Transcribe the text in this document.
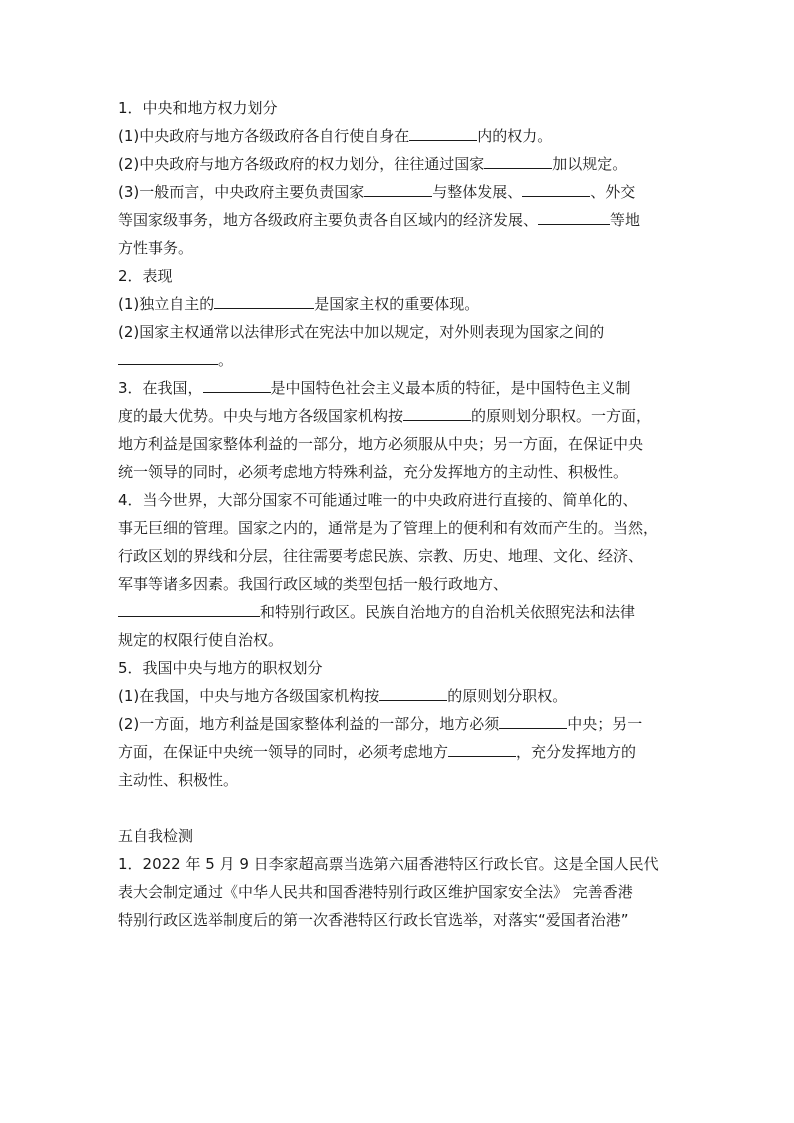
1．中央和地方权力划分
(1)中央政府与地方各级政府各自行使自身在	内的权力。
(2)中央政府与地方各级政府的权力划分，往往通过国家	加以规定。
(3)一般而言，中央政府主要负责国家	与整体发展、	、外交
等国家级事务，地方各级政府主要负责各自区域内的经济发展、	等地
方性事务。
2．表现
(1)独立自主的	是国家主权的重要体现。
(2)国家主权通常以法律形式在宪法中加以规定，对外则表现为国家之间的
。
3．在我国，	是中国特色社会主义最本质的特征，是中国特色主义制
度的最大优势。中央与地方各级国家机构按	的原则划分职权。一方面，
地方利益是国家整体利益的一部分，地方必须服从中央；另一方面，在保证中央
统一领导的同时，必须考虑地方特殊利益，充分发挥地方的主动性、积极性。
4．当今世界，大部分国家不可能通过唯一的中央政府进行直接的、简单化的、
事无巨细的管理。国家之内的，通常是为了管理上的便利和有效而产生的。当然，
行政区划的界线和分层，往往需要考虑民族、宗教、历史、地理、文化、经济、
军事等诸多因素。我国行政区域的类型包括一般行政地方、
和特别行政区。民族自治地方的自治机关依照宪法和法律
规定的权限行使自治权。
5．我国中央与地方的职权划分
(1)在我国，中央与地方各级国家机构按	的原则划分职权。
(2)一方面，地方利益是国家整体利益的一部分，地方必须	中央；另一
方面，在保证中央统一领导的同时，必须考虑地方	，充分发挥地方的
主动性、积极性。
五自我检测
1．2022 年 5 月 9 日李家超高票当选第六届香港特区行政长官。这是全国人民代
表大会制定通过《中华人民共和国香港特别行政区维护国家安全法》 完善香港
特别行政区选举制度后的第一次香港特区行政长官选举，对落实“爱国者治港”
